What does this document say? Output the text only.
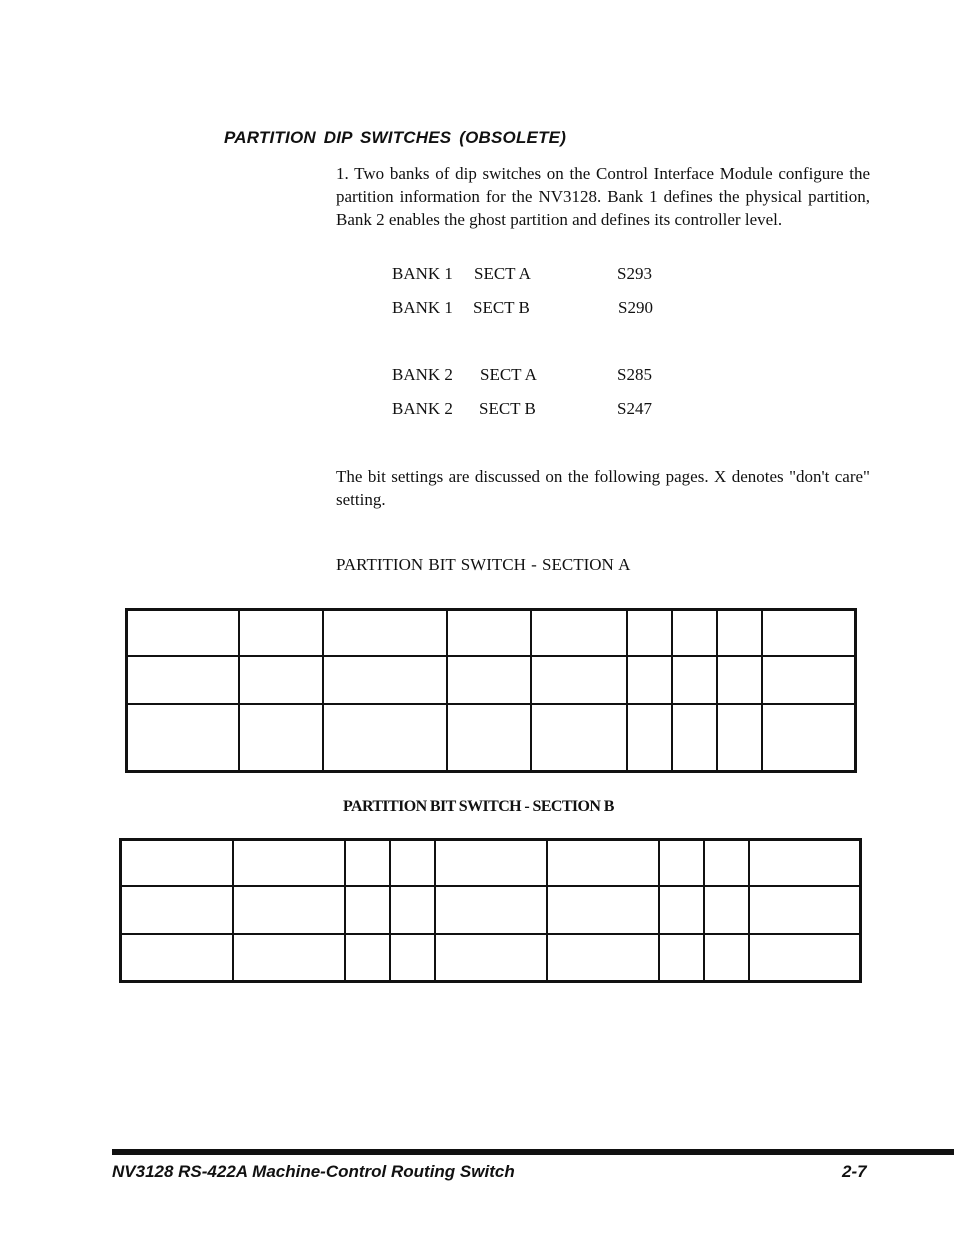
PARTITION DIP SWITCHES (OBSOLETE)
1. Two banks of dip switches on the Control Interface Module configure the partition information for the NV3128. Bank 1 defines the physical partition, Bank 2 enables the ghost partition and defines its controller level.
BANK 1 SECT A	S293
BANK 1 SECT B	S290
BANK 2 SECT A	S285
BANK 2 SECT B	S247
The bit settings are discussed on the following pages. X denotes "don't care" setting.
PARTITION BIT SWITCH - SECTION A

PARTITION BIT SWITCH - SECTION B

NV3128 RS-422A Machine-Control Routing Switch	2-7
